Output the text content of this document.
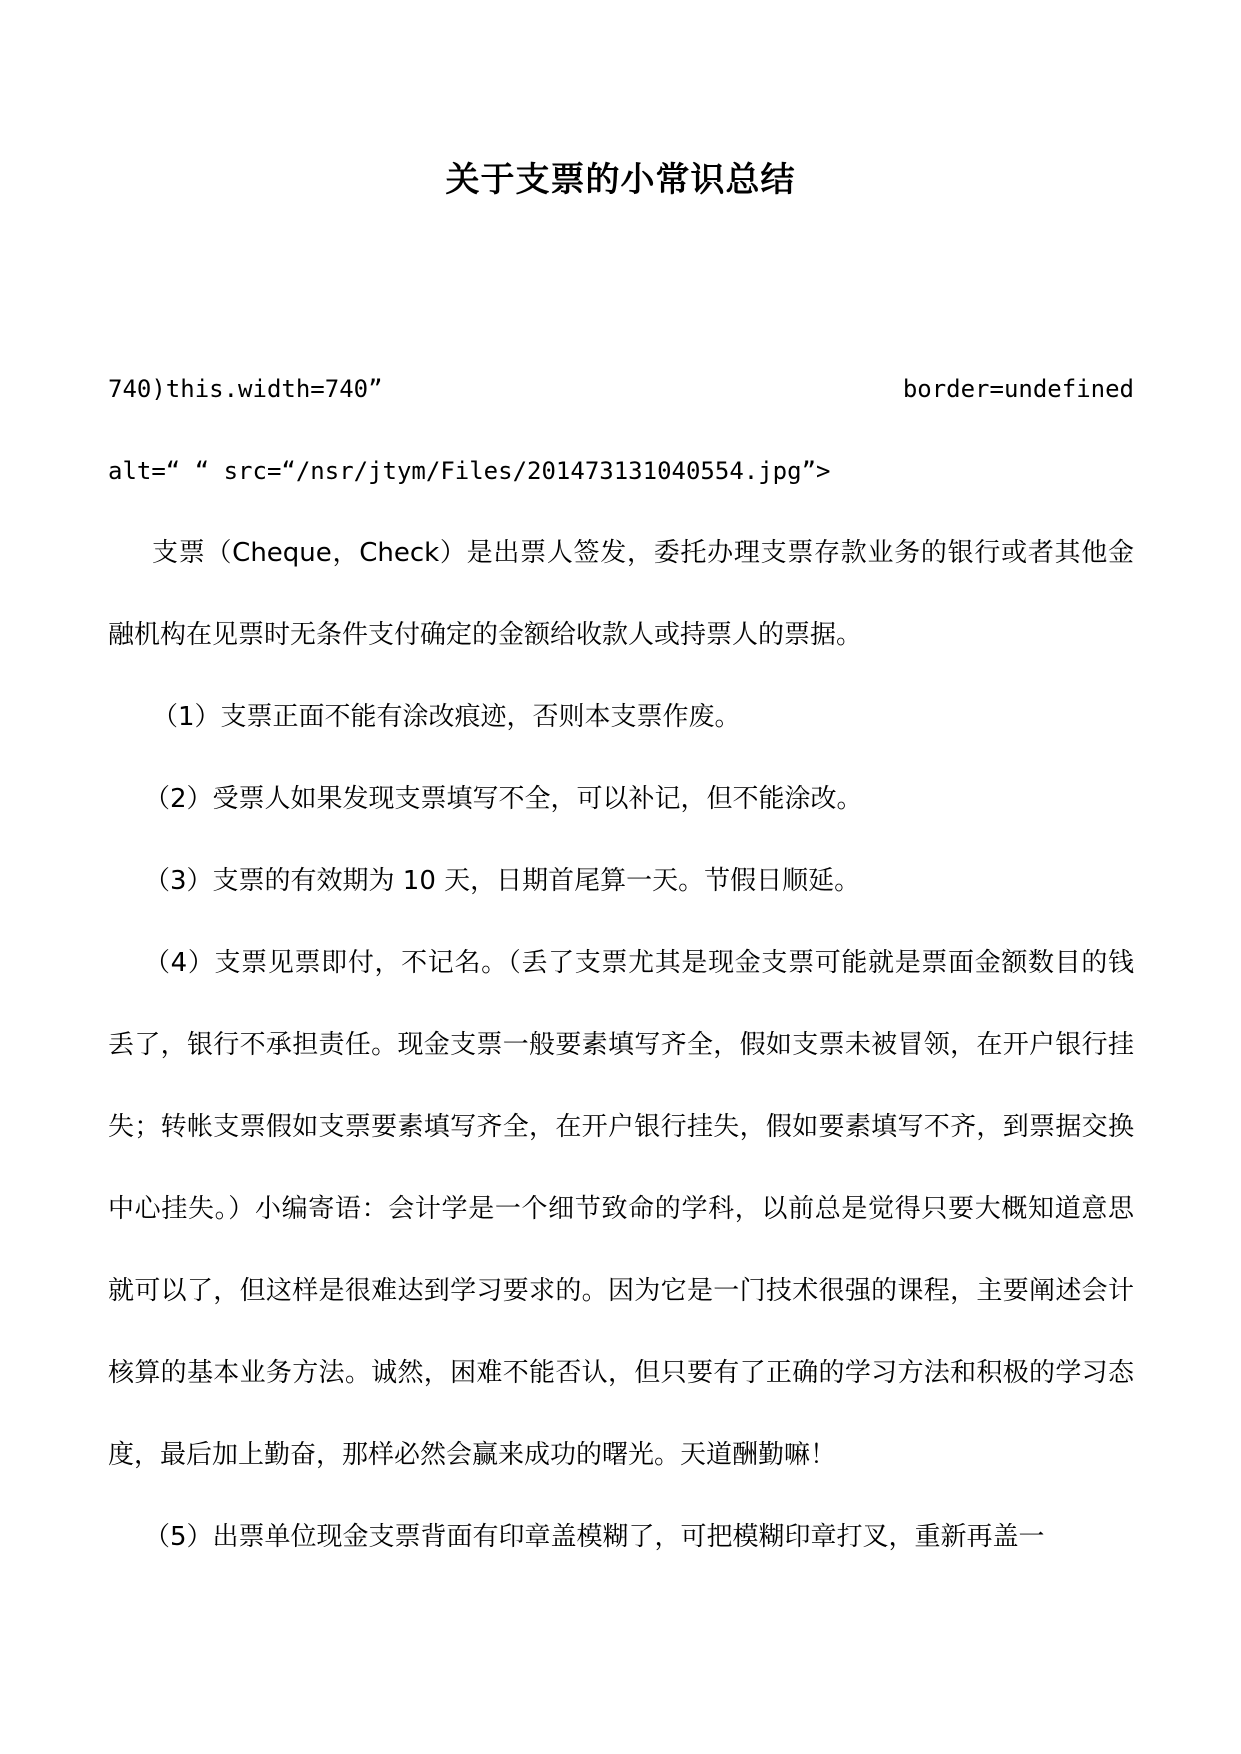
关于支票的小常识总结
740)this.width=740”	border=undefined
alt=“ “ src=“/nsr/jtym/Files/201473131040554.jpg”>

支票（Cheque，Check）是出票人签发，委托办理支票存款业务的银行或者其他金融机构在见票时无条件支付确定的金额给收款人或持票人的票据。

（1）支票正面不能有涂改痕迹，否则本支票作废。

（2）受票人如果发现支票填写不全，可以补记，但不能涂改。

（3）支票的有效期为 10 天，日期首尾算一天。节假日顺延。

（4）支票见票即付，不记名。（丢了支票尤其是现金支票可能就是票面金额数目的钱丢了，银行不承担责任。现金支票一般要素填写齐全，假如支票未被冒领，在开户银行挂失；转帐支票假如支票要素填写齐全，在开户银行挂失，假如要素填写不齐，到票据交换中心挂失。）小编寄语：会计学是一个细节致命的学科，以前总是觉得只要大概知道意思就可以了，但这样是很难达到学习要求的。因为它是一门技术很强的课程，主要阐述会计核算的基本业务方法。诚然，困难不能否认，但只要有了正确的学习方法和积极的学习态度，最后加上勤奋，那样必然会赢来成功的曙光。天道酬勤嘛！

（5）出票单位现金支票背面有印章盖模糊了，可把模糊印章打叉，重新再盖一
